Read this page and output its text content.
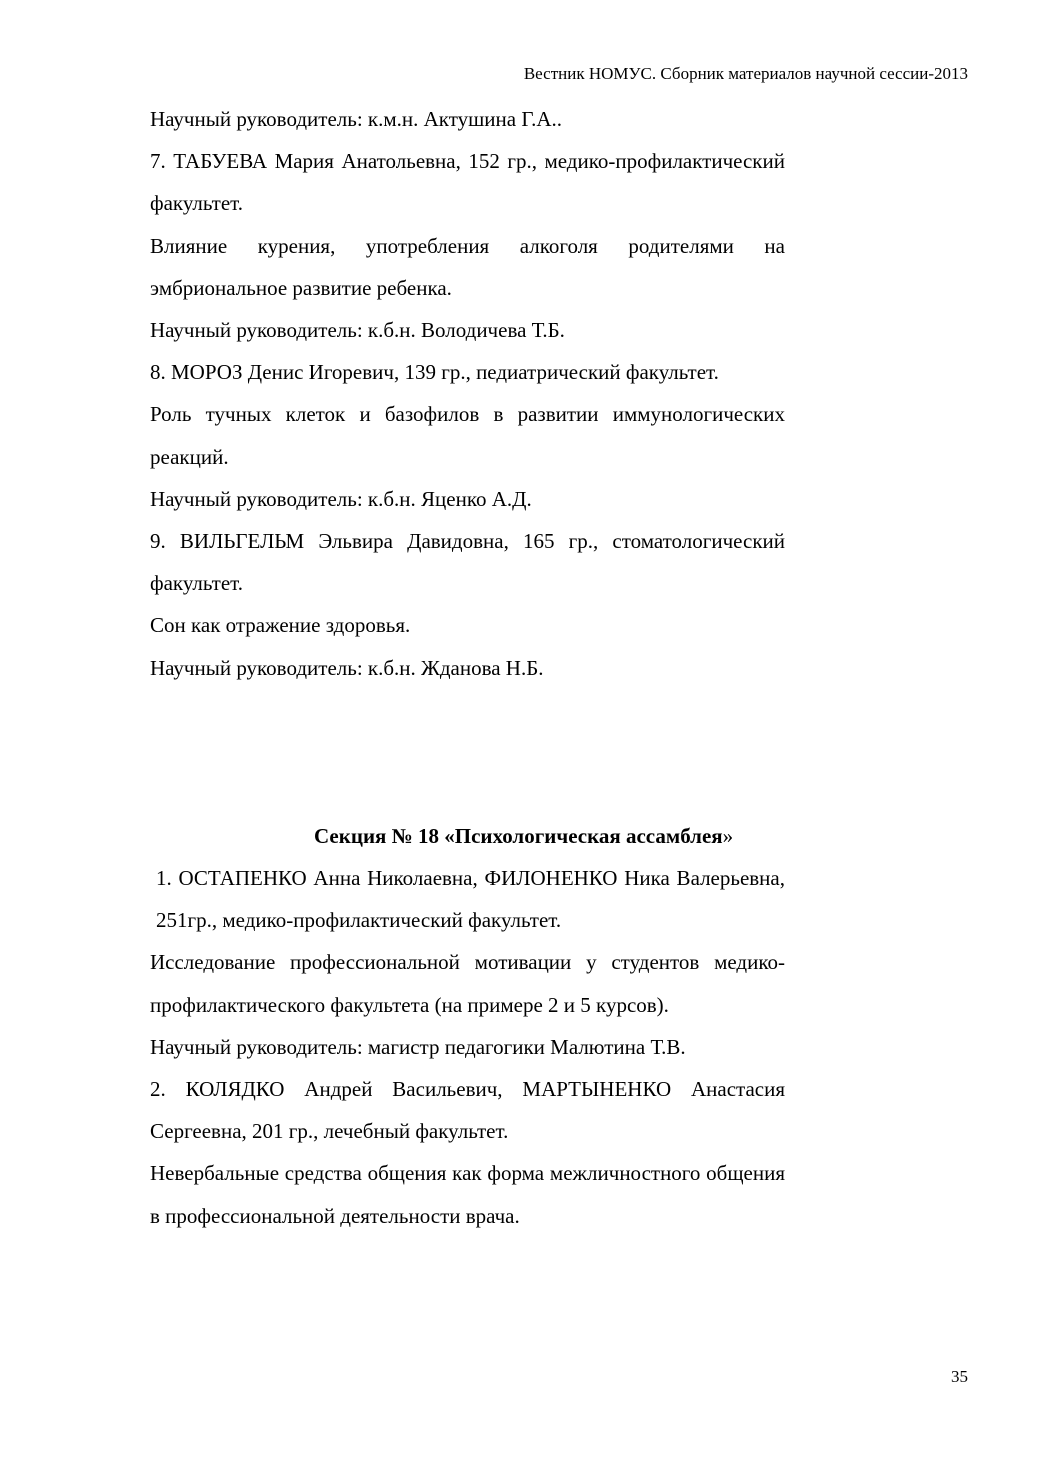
Вестник НОМУС. Сборник материалов научной сессии-2013

Научный руководитель: к.м.н. Актушина Г.А..

7. ТАБУЕВА Мария Анатольевна, 152 гр., медико-профилактический факультет.

Влияние курения, употребления алкоголя родителями на эмбриональное развитие ребенка.

Научный руководитель: к.б.н. Володичева Т.Б.

8. МОРОЗ Денис Игоревич, 139 гр., педиатрический факультет.

Роль тучных клеток и базофилов в развитии иммунологических реакций.

Научный руководитель: к.б.н. Яценко А.Д.

9. ВИЛЬГЕЛЬМ Эльвира Давидовна, 165 гр., стоматологический факультет.

Сон как отражение здоровья.

Научный руководитель: к.б.н. Жданова Н.Б.

Секция № 18 «Психологическая ассамблея»

1. ОСТАПЕНКО Анна Николаевна, ФИЛОНЕНКО Ника Валерьевна, 251гр., медико-профилактический факультет.

Исследование профессиональной мотивации у студентов медико-профилактического факультета (на примере 2 и 5 курсов).

Научный руководитель: магистр педагогики Малютина Т.В.

2. КОЛЯДКО Андрей Васильевич, МАРТЫНЕНКО Анастасия Сергеевна, 201 гр., лечебный факультет.

Невербальные средства общения как форма межличностного общения в профессиональной деятельности врача.

35
